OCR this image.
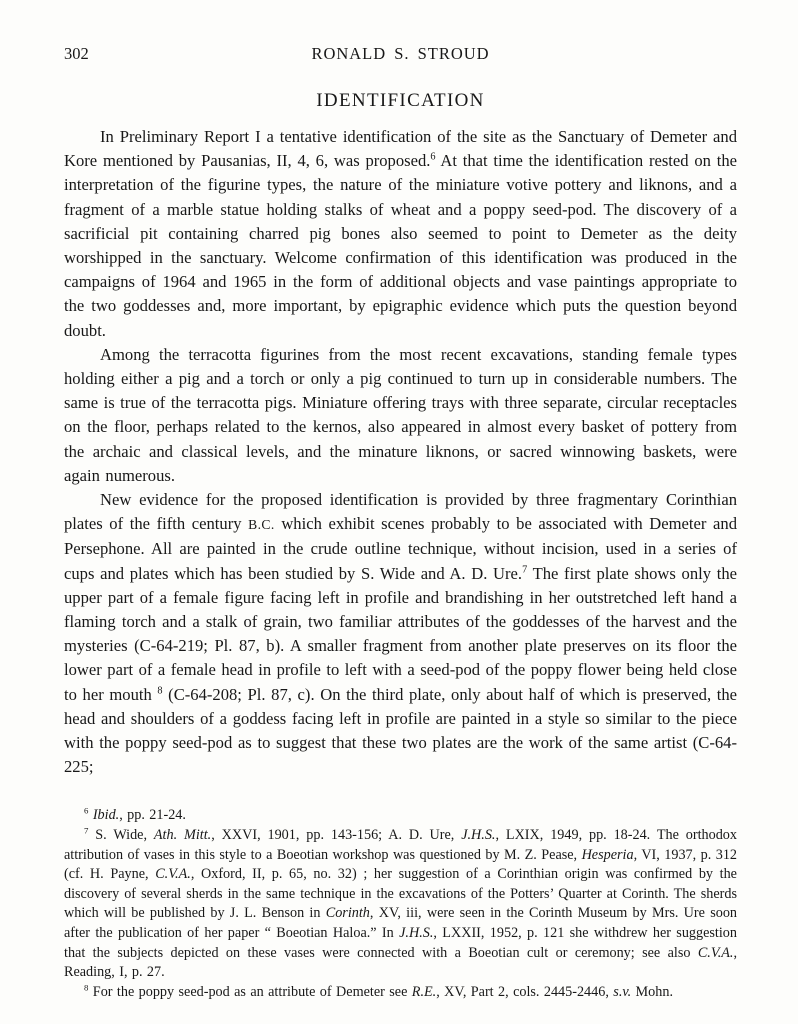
302	RONALD S. STROUD
IDENTIFICATION

In Preliminary Report I a tentative identification of the site as the Sanctuary of Demeter and Kore mentioned by Pausanias, II, 4, 6, was proposed.$^6$ At that time the identification rested on the interpretation of the figurine types, the nature of the miniature votive pottery and liknons, and a fragment of a marble statue holding stalks of wheat and a poppy seed-pod. The discovery of a sacrificial pit containing charred pig bones also seemed to point to Demeter as the deity worshipped in the sanctuary. Welcome confirmation of this identification was produced in the campaigns of 1964 and 1965 in the form of additional objects and vase paintings appropriate to the two goddesses and, more important, by epigraphic evidence which puts the question beyond doubt.

Among the terracotta figurines from the most recent excavations, standing female types holding either a pig and a torch or only a pig continued to turn up in considerable numbers. The same is true of the terracotta pigs. Miniature offering trays with three separate, circular receptacles on the floor, perhaps related to the kernos, also appeared in almost every basket of pottery from the archaic and classical levels, and the minature liknons, or sacred winnowing baskets, were again numerous.

New evidence for the proposed identification is provided by three fragmentary Corinthian plates of the fifth century B.C. which exhibit scenes probably to be associated with Demeter and Persephone. All are painted in the crude outline technique, without incision, used in a series of cups and plates which has been studied by S. Wide and A. D. Ure.$^7$ The first plate shows only the upper part of a female figure facing left in profile and brandishing in her outstretched left hand a flaming torch and a stalk of grain, two familiar attributes of the goddesses of the harvest and the mysteries (C-64-219; Pl. 87, b). A smaller fragment from another plate preserves on its floor the lower part of a female head in profile to left with a seed-pod of the poppy flower being held close to her mouth $^8$ (C-64-208; Pl. 87, c). On the third plate, only about half of which is preserved, the head and shoulders of a goddess facing left in profile are painted in a style so similar to the piece with the poppy seed-pod as to suggest that these two plates are the work of the same artist (C-64-225;

$^6$ Ibid., pp. 21-24.

$^7$ S. Wide, Ath. Mitt., XXVI, 1901, pp. 143-156; A. D. Ure, J.H.S., LXIX, 1949, pp. 18-24. The orthodox attribution of vases in this style to a Boeotian workshop was questioned by M. Z. Pease, Hesperia, VI, 1937, p. 312 (cf. H. Payne, C.V.A., Oxford, II, p. 65, no. 32) ; her suggestion of a Corinthian origin was confirmed by the discovery of several sherds in the same technique in the excavations of the Potters’ Quarter at Corinth. The sherds which will be published by J. L. Benson in Corinth, XV, iii, were seen in the Corinth Museum by Mrs. Ure soon after the publication of her paper “ Boeotian Haloa.” In J.H.S., LXXII, 1952, p. 121 she withdrew her suggestion that the subjects depicted on these vases were connected with a Boeotian cult or ceremony; see also C.V.A., Reading, I, p. 27.

$^8$ For the poppy seed-pod as an attribute of Demeter see R.E., XV, Part 2, cols. 2445-2446, s.v. Mohn.
